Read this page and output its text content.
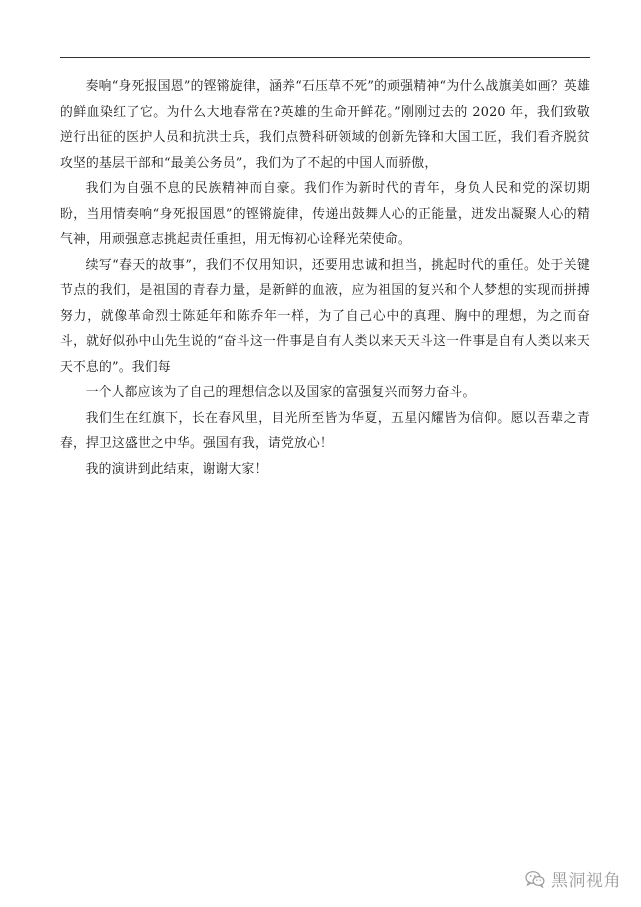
奏响“身死报国恩”的铿锵旋律，涵养“石压草不死”的顽强精神“为什么战旗美如画？英雄的鲜血染红了它。为什么大地春常在?英雄的生命开鲜花。”刚刚过去的 2020 年，我们致敬逆行出征的医护人员和抗洪士兵，我们点赞科研领域的创新先锋和大国工匠，我们看齐脱贫攻坚的基层干部和“最美公务员”，我们为了不起的中国人而骄傲，

我们为自强不息的民族精神而自豪。我们作为新时代的青年，身负人民和党的深切期盼，当用情奏响“身死报国恩”的铿锵旋律，传递出鼓舞人心的正能量，迸发出凝聚人心的精气神，用顽强意志挑起责任重担，用无悔初心诠释光荣使命。

续写“春天的故事”，我们不仅用知识，还要用忠诚和担当，挑起时代的重任。处于关键节点的我们，是祖国的青春力量，是新鲜的血液，应为祖国的复兴和个人梦想的实现而拼搏努力，就像革命烈士陈延年和陈乔年一样，为了自己心中的真理、胸中的理想，为之而奋斗，就好似孙中山先生说的“奋斗这一件事是自有人类以来天天斗这一件事是自有人类以来天天不息的”。我们每

一个人都应该为了自己的理想信念以及国家的富强复兴而努力奋斗。

我们生在红旗下，长在春风里，目光所至皆为华夏，五星闪耀皆为信仰。愿以吾辈之青春，捍卫这盛世之中华。强国有我，请党放心！

我的演讲到此结束，谢谢大家！

黑洞视角
